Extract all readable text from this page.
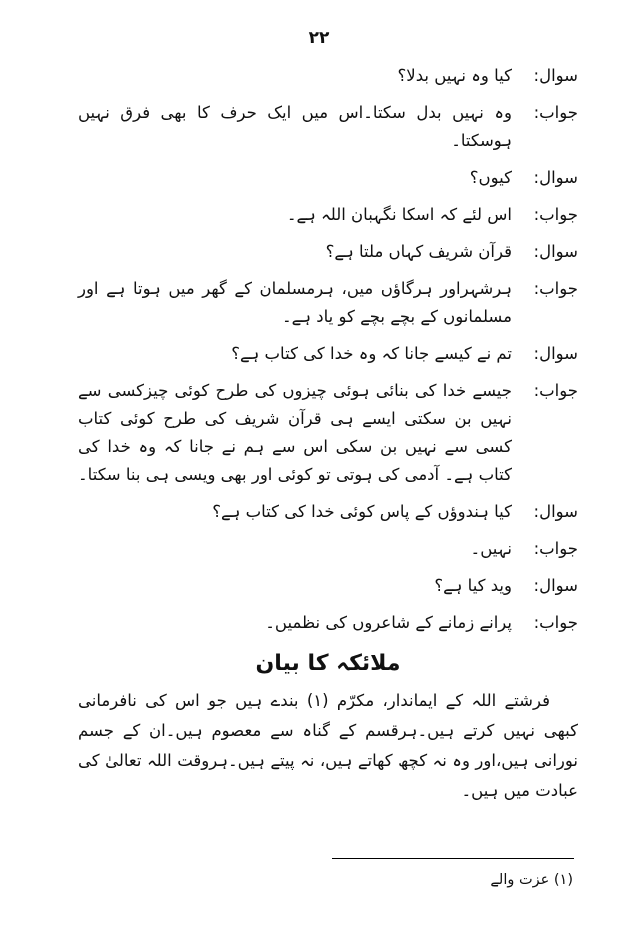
۲۲
سوال:
کیا وہ نہیں بدلا؟
جواب:
وہ نہیں بدل سکتا۔اس میں ایک حرف کا بھی فرق نہیں ہوسکتا۔
سوال:
کیوں؟
جواب:
اس لئے کہ اسکا نگہبان اللہ ہے۔
سوال:
قرآن شریف کہاں ملتا ہے؟
جواب:
ہرشہراور ہرگاؤں میں، ہرمسلمان کے گھر میں ہوتا ہے اور مسلمانوں کے بچے بچے کو یاد ہے۔
سوال:
تم نے کیسے جانا کہ وہ خدا کی کتاب ہے؟
جواب:
جیسے خدا کی بنائی ہوئی چیزوں کی طرح کوئی چیزکسی سے نہیں بن سکتی ایسے ہی قرآن شریف کی طرح کوئی کتاب کسی سے نہیں بن سکی اس سے ہم نے جانا کہ وہ خدا کی کتاب ہے۔ آدمی کی ہوتی تو کوئی اور بھی ویسی ہی بنا سکتا۔
سوال:
کیا ہندوؤں کے پاس کوئی خدا کی کتاب ہے؟
جواب:
نہیں۔
سوال:
وید کیا ہے؟
جواب:
پرانے زمانے کے شاعروں کی نظمیں۔
ملائکہ کا بیان

فرشتے اللہ کے ایماندار، مکرّم (۱) بندے ہیں جو اس کی نافرمانی کبھی نہیں کرتے ہیں۔ہرقسم کے گناہ سے معصوم ہیں۔ان کے جسم نورانی ہیں،اور وہ نہ کچھ کھاتے ہیں، نہ پیتے ہیں۔ہروقت اللہ تعالیٰ کی عبادت میں ہیں۔

(۱) عزت والے
